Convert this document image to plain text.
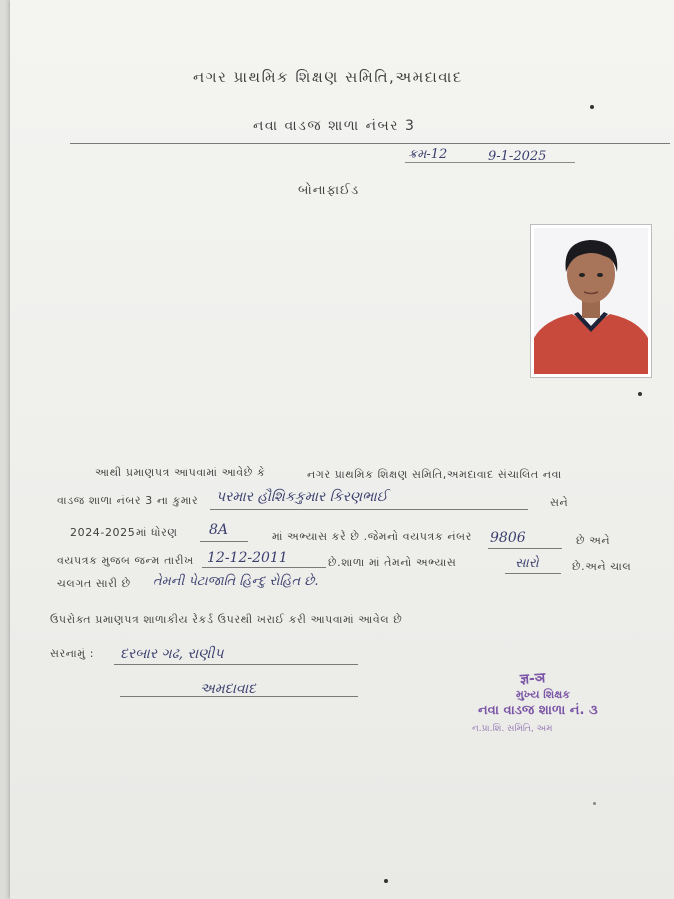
નગર પ્રાથમિક શિક્ષણ સમિતિ,અમદાવાદ
નવા વાડજ શાળા નંબર 3
ક્રમ-12	9-1-2025
બોનાફાઈડ
આથી પ્રમાણપત્ર આપવામાં આવેછે કે	નગર પ્રાથમિક શિક્ષણ સમિતિ,અમદાવાદ સંચાલિત નવા
વાડજ શાળા નંબર 3 ના કુમાર પરમાર હૌશિકકુમાર કિરણભાઈ	સને
2024-2025 માં ધોરણ 8A	માં અભ્યાસ કરે છે .જેમનો વયપત્રક નંબર 9806	છે અને
વયપત્રક મુજબ જન્મ તારીખ 12-12-2011	છે.શાળા માં તેમનો અભ્યાસ	સારો	છે.અને ચાલ
ચલગત સારી છે તેમની પેટાજાતિ હિન્દુ રોહિત છે.
ઉપરોક્ત પ્રમાણપત્ર શાળાકીય રેકર્ડ ઉપરથી ખરાઈ કરી આપવામાં આવેલ છે
સરનામું : દરબાર ગઢ, રાણીપ
અમદાવાદ
ज्ञ-ञ
મુખ્ય શિક્ષક
નવા વાડજ શાળા નં. ૩
ન.પ્રા.શિ. સમિતિ, અમ
